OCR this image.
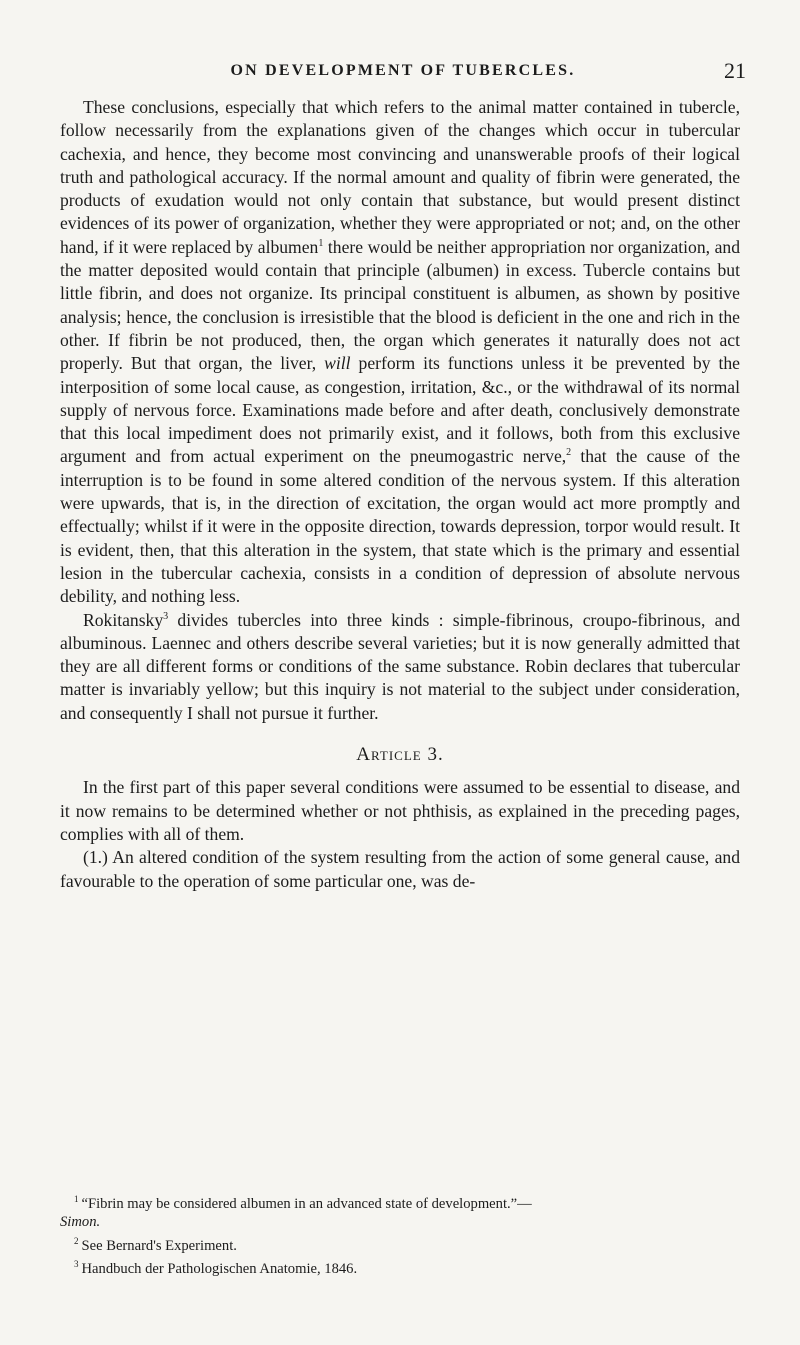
ON DEVELOPMENT OF TUBERCLES.	21

These conclusions, especially that which refers to the animal matter contained in tubercle, follow necessarily from the explanations given of the changes which occur in tubercular cachexia, and hence, they become most convincing and unanswerable proofs of their logical truth and pathological accuracy. If the normal amount and quality of fibrin were generated, the products of exudation would not only contain that substance, but would present distinct evidences of its power of organization, whether they were appropriated or not; and, on the other hand, if it were replaced by albumen$^1$ there would be neither appropriation nor organization, and the matter deposited would contain that principle (albumen) in excess. Tubercle contains but little fibrin, and does not organize. Its principal constituent is albumen, as shown by positive analysis; hence, the conclusion is irresistible that the blood is deficient in the one and rich in the other. If fibrin be not produced, then, the organ which generates it naturally does not act properly. But that organ, the liver, will perform its functions unless it be prevented by the interposition of some local cause, as congestion, irritation, &c., or the withdrawal of its normal supply of nervous force. Examinations made before and after death, conclusively demonstrate that this local impediment does not primarily exist, and it follows, both from this exclusive argument and from actual experiment on the pneumogastric nerve,$^2$ that the cause of the interruption is to be found in some altered condition of the nervous system. If this alteration were upwards, that is, in the direction of excitation, the organ would act more promptly and effectually; whilst if it were in the opposite direction, towards depression, torpor would result. It is evident, then, that this alteration in the system, that state which is the primary and essential lesion in the tubercular cachexia, consists in a condition of depression of absolute nervous debility, and nothing less.

Rokitansky$^3$ divides tubercles into three kinds : simple-fibrinous, croupo-fibrinous, and albuminous. Laennec and others describe several varieties; but it is now generally admitted that they are all different forms or conditions of the same substance. Robin declares that tubercular matter is invariably yellow; but this inquiry is not material to the subject under consideration, and consequently I shall not pursue it further.

Article 3.

In the first part of this paper several conditions were assumed to be essential to disease, and it now remains to be determined whether or not phthisis, as explained in the preceding pages, complies with all of them.

(1.) An altered condition of the system resulting from the action of some general cause, and favourable to the operation of some particular one, was de-

$^1$ “Fibrin may be considered albumen in an advanced state of development.”—

Simon.

$^2$ See Bernard's Experiment.

$^3$ Handbuch der Pathologischen Anatomie, 1846.
